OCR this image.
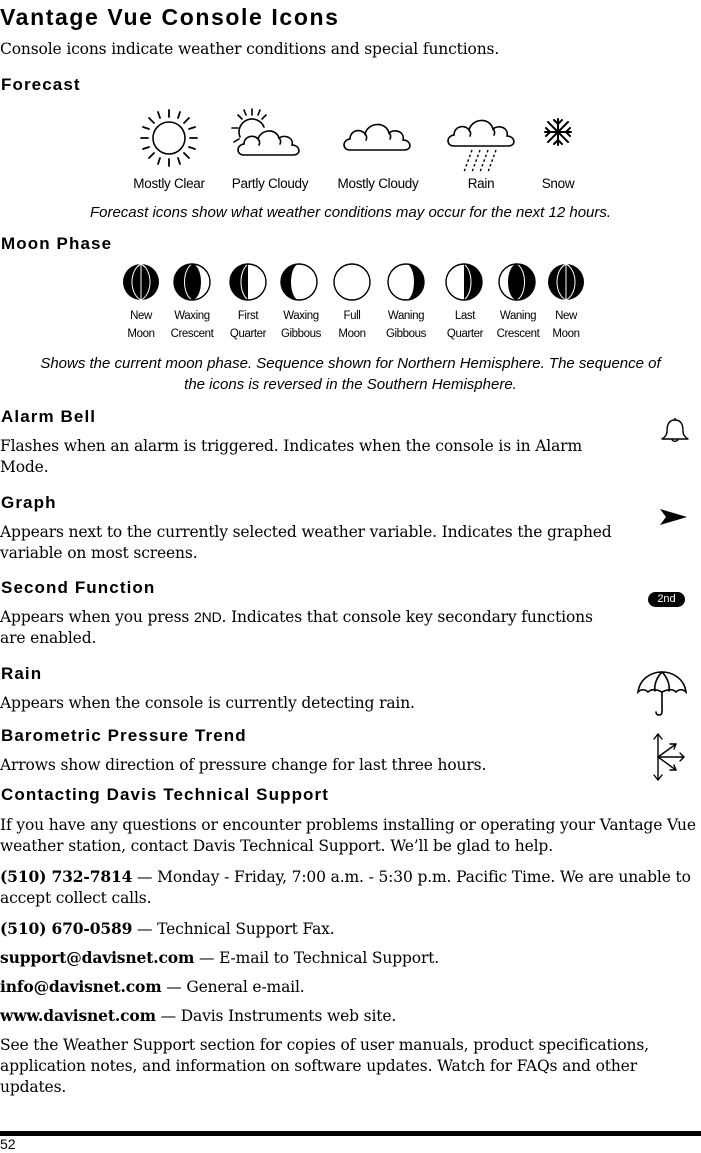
Vantage Vue Console Icons
Console icons indicate weather conditions and special functions.
Forecast
Mostly Clear Partly Cloudy Mostly Cloudy	Rain	Snow
Forecast icons show what weather conditions may occur for the next 12 hours.
Moon Phase
New
Moon
Waxing
Crescent
First
Quarter
Waxing
Gibbous
Full
Moon
Waning
Gibbous
Last
Quarter
Waning
Crescent
New
Moon
Shows the current moon phase. Sequence shown for Northern Hemisphere. The sequence of
the icons is reversed in the Southern Hemisphere.
Alarm Bell
Flashes when an alarm is triggered. Indicates when the console is in Alarm Mode.
Graph
Appears next to the currently selected weather variable. Indicates the graphed variable on most screens.
Second Function
Appears when you press 2ND. Indicates that console key secondary functions are enabled.
2nd
Rain
Appears when the console is currently detecting rain.
Barometric Pressure Trend
Arrows show direction of pressure change for last three hours.
Contacting Davis Technical Support
If you have any questions or encounter problems installing or operating your Vantage Vue weather station, contact Davis Technical Support. We’ll be glad to help.
(510) 732-7814 — Monday - Friday, 7:00 a.m. - 5:30 p.m. Pacific Time. We are unable to accept collect calls.
(510) 670-0589 — Technical Support Fax.
support@davisnet.com — E-mail to Technical Support.
info@davisnet.com — General e-mail.
www.davisnet.com — Davis Instruments web site.
See the Weather Support section for copies of user manuals, product specifications, application notes, and information on software updates. Watch for FAQs and other updates.
52
